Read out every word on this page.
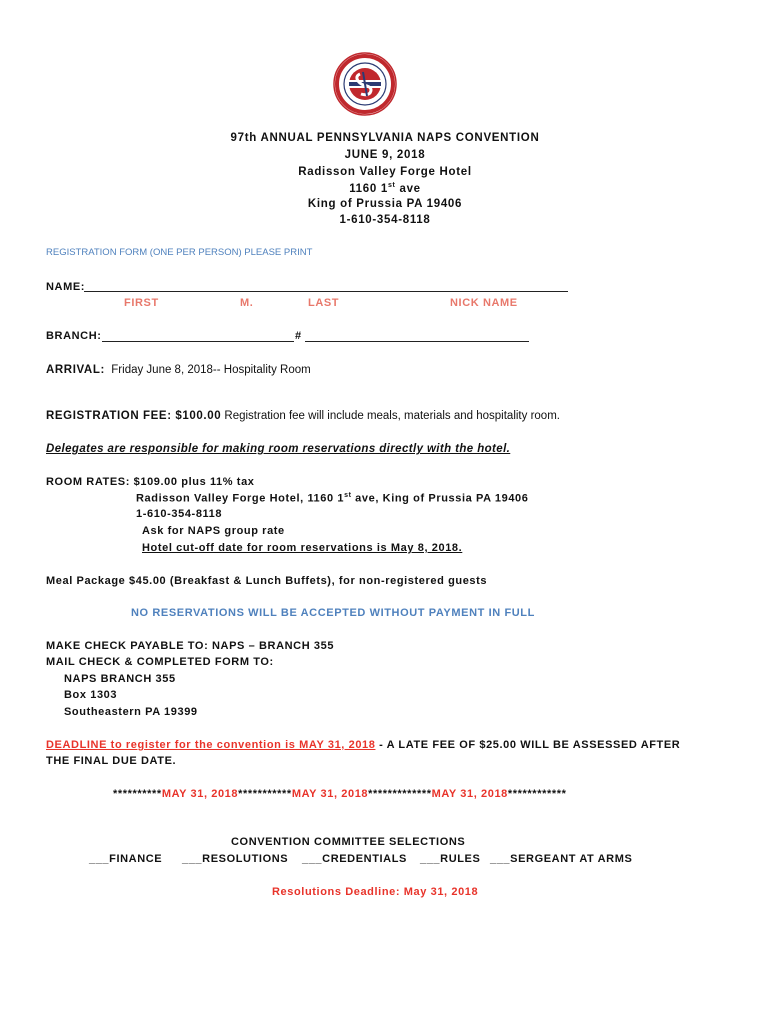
97th ANNUAL PENNSYLVANIA NAPS CONVENTION
JUNE 9, 2018
Radisson Valley Forge Hotel
1160 1st ave
King of Prussia PA 19406
1-610-354-8118
REGISTRATION FORM (ONE PER PERSON) PLEASE PRINT
NAME:
FIRST	M.	LAST	NICK NAME
BRANCH:	#
ARRIVAL: Friday June 8, 2018-- Hospitality Room
REGISTRATION FEE: $100.00 Registration fee will include meals, materials and hospitality room.
Delegates are responsible for making room reservations directly with the hotel.
ROOM RATES: $109.00 plus 11% tax
Radisson Valley Forge Hotel, 1160 1st ave, King of Prussia PA 19406
1-610-354-8118
Ask for NAPS group rate
Hotel cut-off date for room reservations is May 8, 2018.
Meal Package $45.00 (Breakfast & Lunch Buffets), for non-registered guests
NO RESERVATIONS WILL BE ACCEPTED WITHOUT PAYMENT IN FULL
MAKE CHECK PAYABLE TO: NAPS – BRANCH 355
MAIL CHECK & COMPLETED FORM TO:
NAPS BRANCH 355
Box 1303
Southeastern PA 19399
DEADLINE to register for the convention is MAY 31, 2018 - A LATE FEE OF $25.00 WILL BE ASSESSED AFTER
THE FINAL DUE DATE.
**********MAY 31, 2018***********MAY 31, 2018*************MAY 31, 2018************
CONVENTION COMMITTEE SELECTIONS
___FINANCE ___RESOLUTIONS ___CREDENTIALS ___RULES ___SERGEANT AT ARMS
Resolutions Deadline: May 31, 2018
